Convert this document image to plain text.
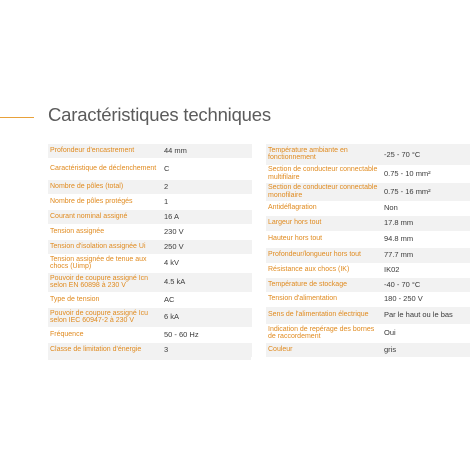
Caractéristiques techniques
Profondeur d'encastrement	44 mm
Caractéristique de déclenchement	C
Nombre de pôles (total)	2
Nombre de pôles protégés	1
Courant nominal assigné	16 A
Tension assignée	230 V
Tension d'isolation assignée Ui	250 V
Tension assignée de tenue aux chocs (Uimp)	4 kV
Pouvoir de coupure assigné Icn selon EN 60898 à 230 V	4.5 kA
Type de tension	AC
Pouvoir de coupure assigné Icu selon IEC 60947-2 à 230 V	6 kA
Fréquence	50 - 60 Hz
Classe de limitation d'énergie	3
Température ambiante en fonctionnement	-25 - 70 °C
Section de conducteur connectable multifilaire	0.75 - 10 mm²
Section de conducteur connectable monofilaire	0.75 - 16 mm²
Antidéflagration	Non
Largeur hors tout	17.8 mm
Hauteur hors tout	94.8 mm
Profondeur/longueur hors tout	77.7 mm
Résistance aux chocs (IK)	IK02
Température de stockage	-40 - 70 °C
Tension d'alimentation	180 - 250 V
Sens de l'alimentation électrique	Par le haut ou le bas
Indication de repérage des bornes de raccordement	Oui
Couleur	gris
